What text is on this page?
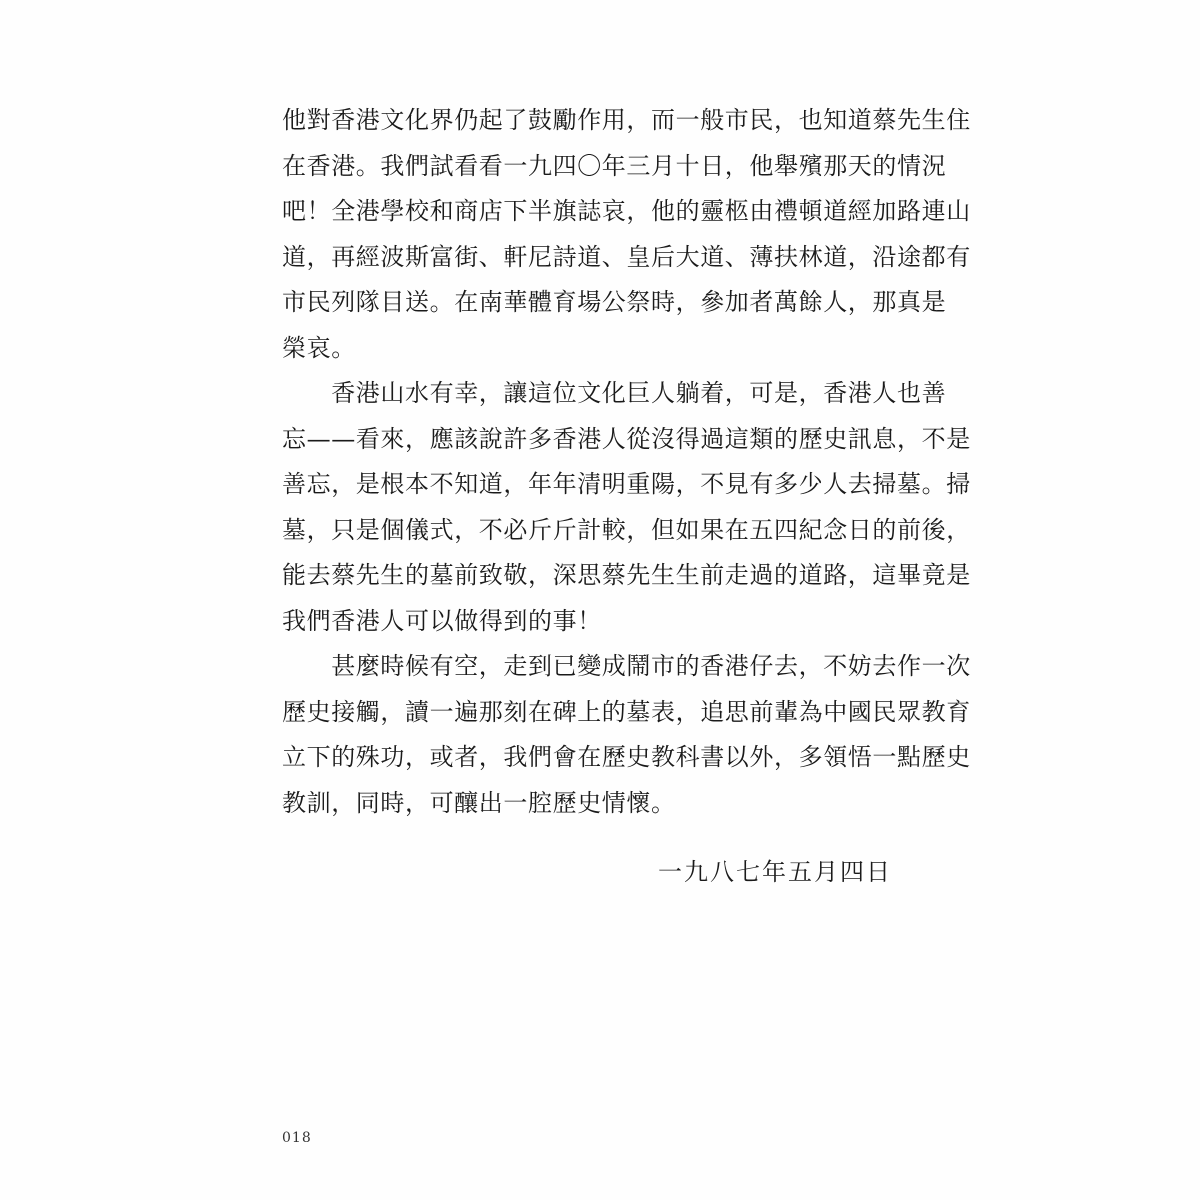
他對香港文化界仍起了鼓勵作用，而一般市民，也知道蔡先生住
在香港。我們試看看一九四〇年三月十日，他舉殯那天的情況
吧！全港學校和商店下半旗誌哀，他的靈柩由禮頓道經加路連山
道，再經波斯富街、軒尼詩道、皇后大道、薄扶林道，沿途都有
市民列隊目送。在南華體育場公祭時，參加者萬餘人，那真是
榮哀。
　　香港山水有幸，讓這位文化巨人躺着，可是，香港人也善
忘——看來，應該說許多香港人從沒得過這類的歷史訊息，不是
善忘，是根本不知道，年年清明重陽，不見有多少人去掃墓。掃
墓，只是個儀式，不必斤斤計較，但如果在五四紀念日的前後，
能去蔡先生的墓前致敬，深思蔡先生生前走過的道路，這畢竟是
我們香港人可以做得到的事！
　　甚麼時候有空，走到已變成鬧市的香港仔去，不妨去作一次
歷史接觸，讀一遍那刻在碑上的墓表，追思前輩為中國民眾教育
立下的殊功，或者，我們會在歷史教科書以外，多領悟一點歷史
教訓，同時，可釀出一腔歷史情懷。
一九八七年五月四日
018
